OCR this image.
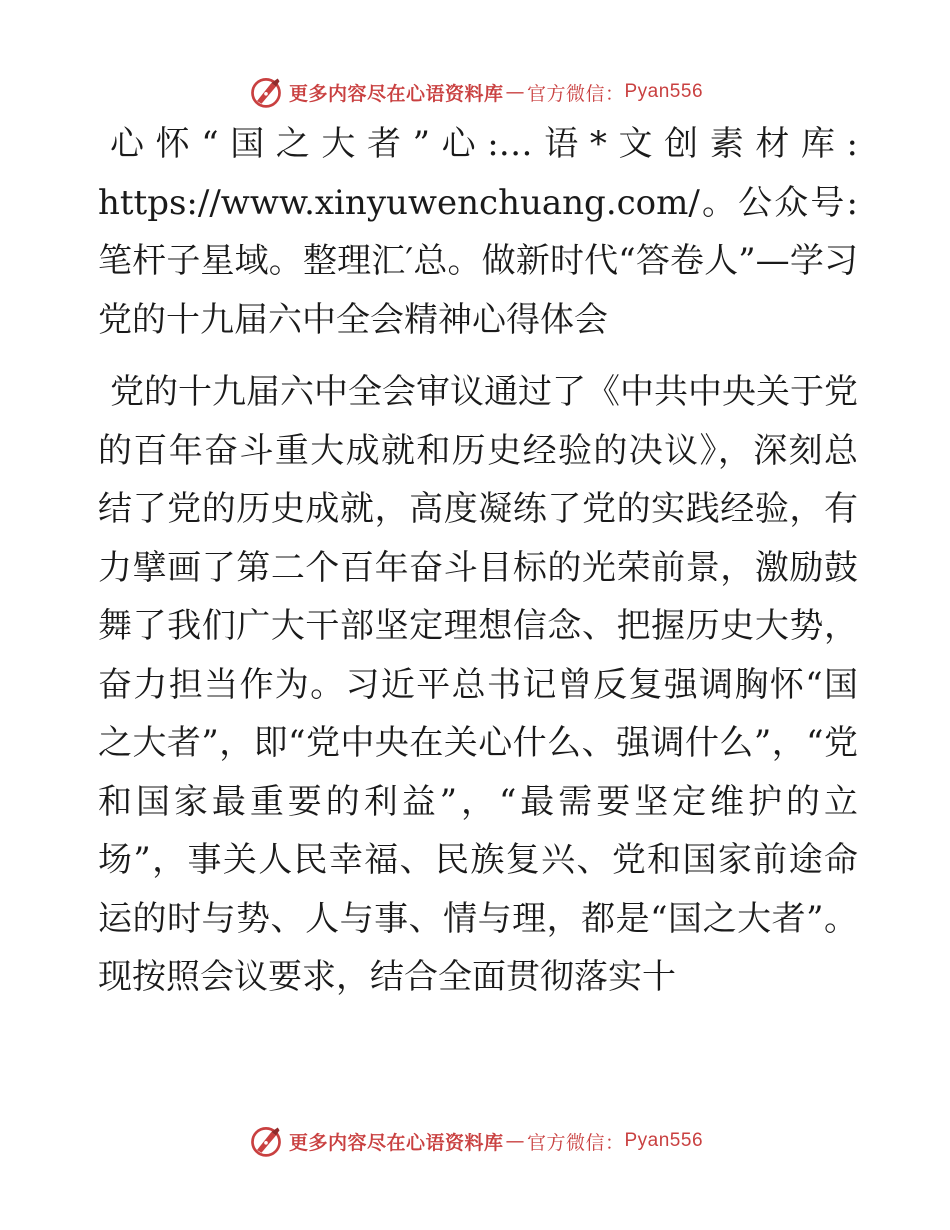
更多内容尽在心语资料库 — 官方微信： Pyan556

心怀“国之大者”心:…语*文创素材库: https://www.xinyuwenchuang.com/。公众号: 笔杆子星域。整理汇′总。做新时代“答卷人”—学习党的十九届六中全会精神心得体会

党的十九届六中全会审议通过了《中共中央关于党的百年奋斗重大成就和历史经验的决议》，深刻总结了党的历史成就，高度凝练了党的实践经验，有力擘画了第二个百年奋斗目标的光荣前景，激励鼓舞了我们广大干部坚定理想信念、把握历史大势，奋力担当作为。习近平总书记曾反复强调胸怀“国之大者”，即“党中央在关心什么、强调什么”，“党和国家最重要的利益”，“最需要坚定维护的立场”，事关人民幸福、民族复兴、党和国家前途命运的时与势、人与事、情与理，都是“国之大者”。现按照会议要求，结合全面贯彻落实十

更多内容尽在心语资料库 — 官方微信： Pyan556
